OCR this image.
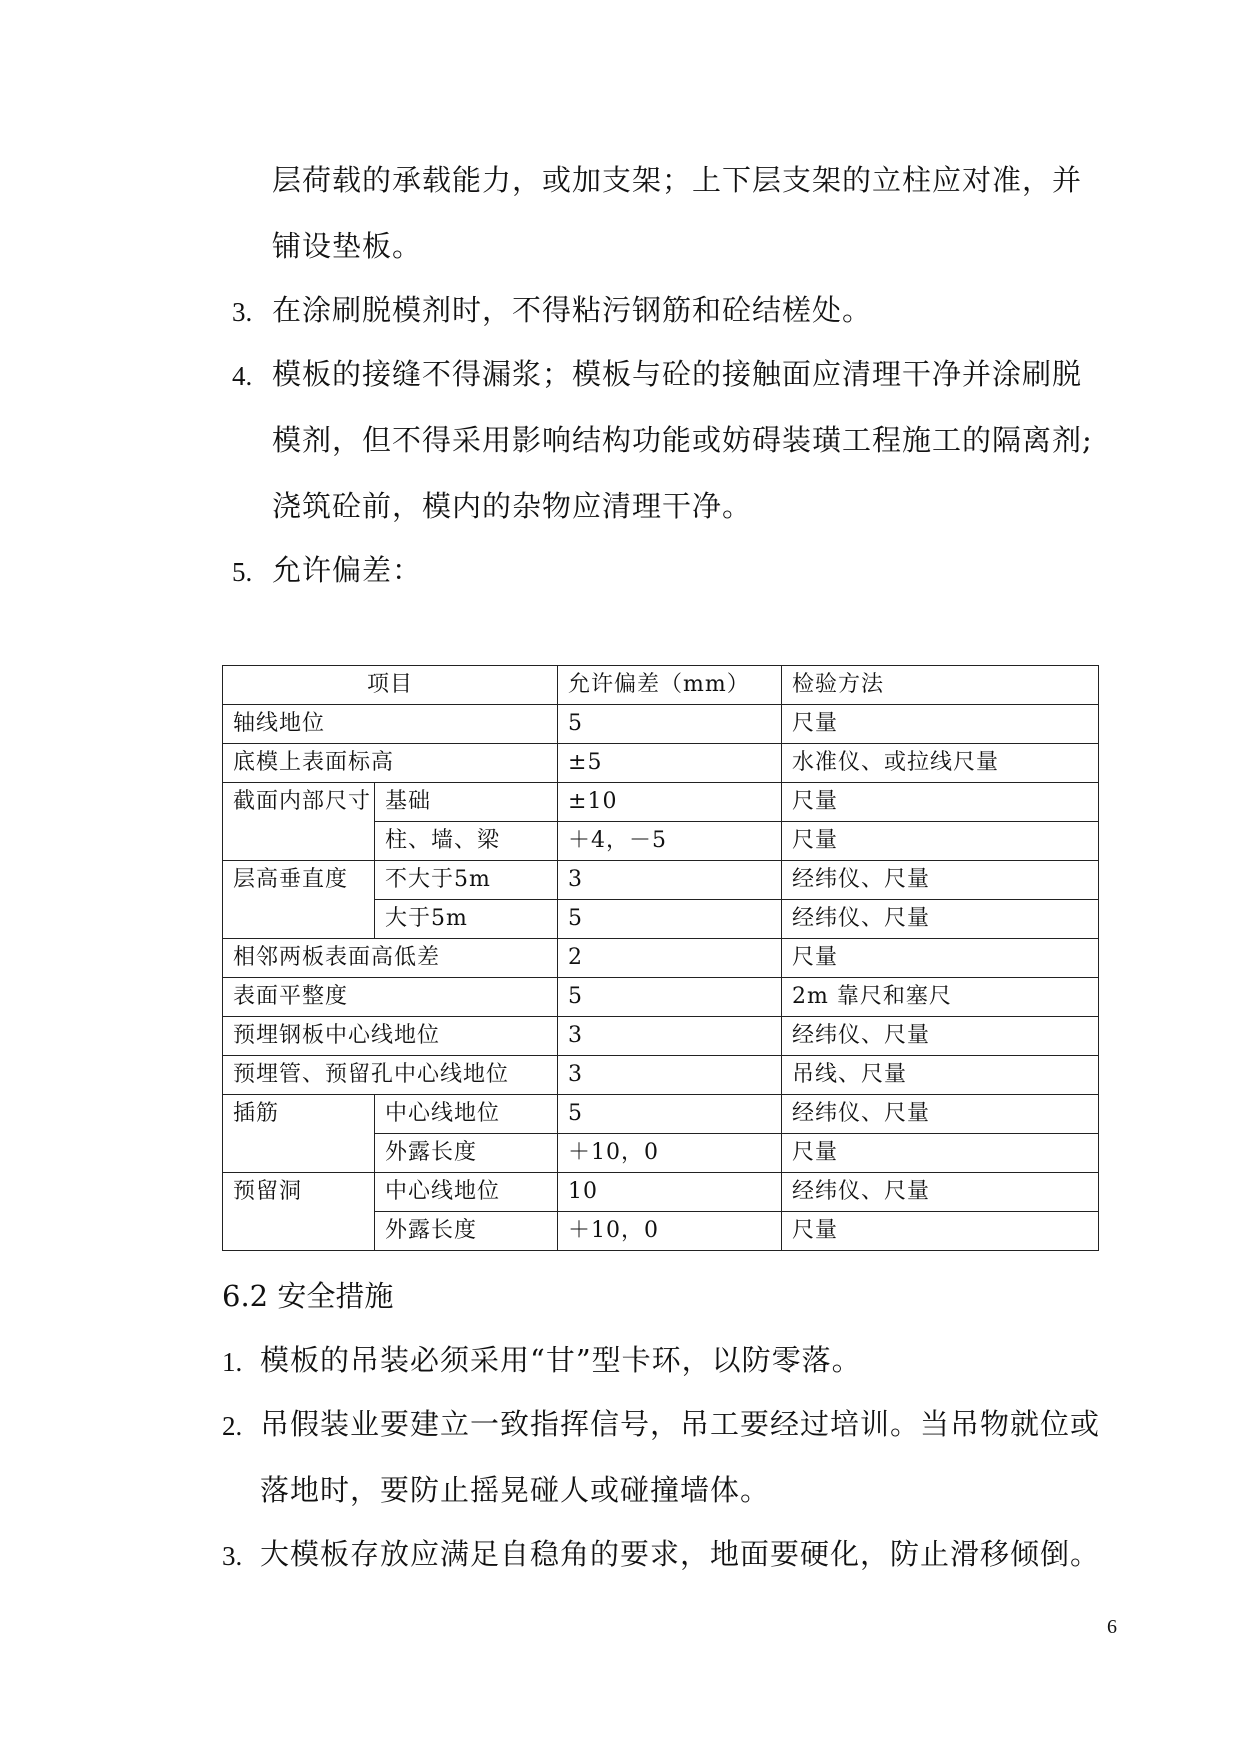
层荷载的承载能力，或加支架；上下层支架的立柱应对准，并
铺设垫板。
3. 在涂刷脱模剂时，不得粘污钢筋和砼结槎处。
4. 模板的接缝不得漏浆；模板与砼的接触面应清理干净并涂刷脱
模剂，但不得采用影响结构功能或妨碍装璜工程施工的隔离剂;
浇筑砼前，模内的杂物应清理干净。
5. 允许偏差：
项目		允许偏差（mm）	检验方法
轴线地位		5	尺量
底模上表面标高		±5	水准仪、或拉线尺量
截面内部尺寸	基础	±10	尺量
	柱、墙、梁	＋4，－5	尺量
层高垂直度	不大于5m	3	经纬仪、尺量
	大于5m	5	经纬仪、尺量
相邻两板表面高低差		2	尺量
表面平整度		5	2m 靠尺和塞尺
预埋钢板中心线地位		3	经纬仪、尺量
预埋管、预留孔中心线地位		3	吊线、尺量
插筋	中心线地位	5	经纬仪、尺量
	外露长度	＋10，0	尺量
预留洞	中心线地位	10	经纬仪、尺量
	外露长度	＋10，0	尺量
6.2 安全措施
1. 模板的吊装必须采用“甘”型卡环，以防零落。
2. 吊假装业要建立一致指挥信号，吊工要经过培训。当吊物就位或
落地时，要防止摇晃碰人或碰撞墙体。
3. 大模板存放应满足自稳角的要求，地面要硬化，防止滑移倾倒。
6
